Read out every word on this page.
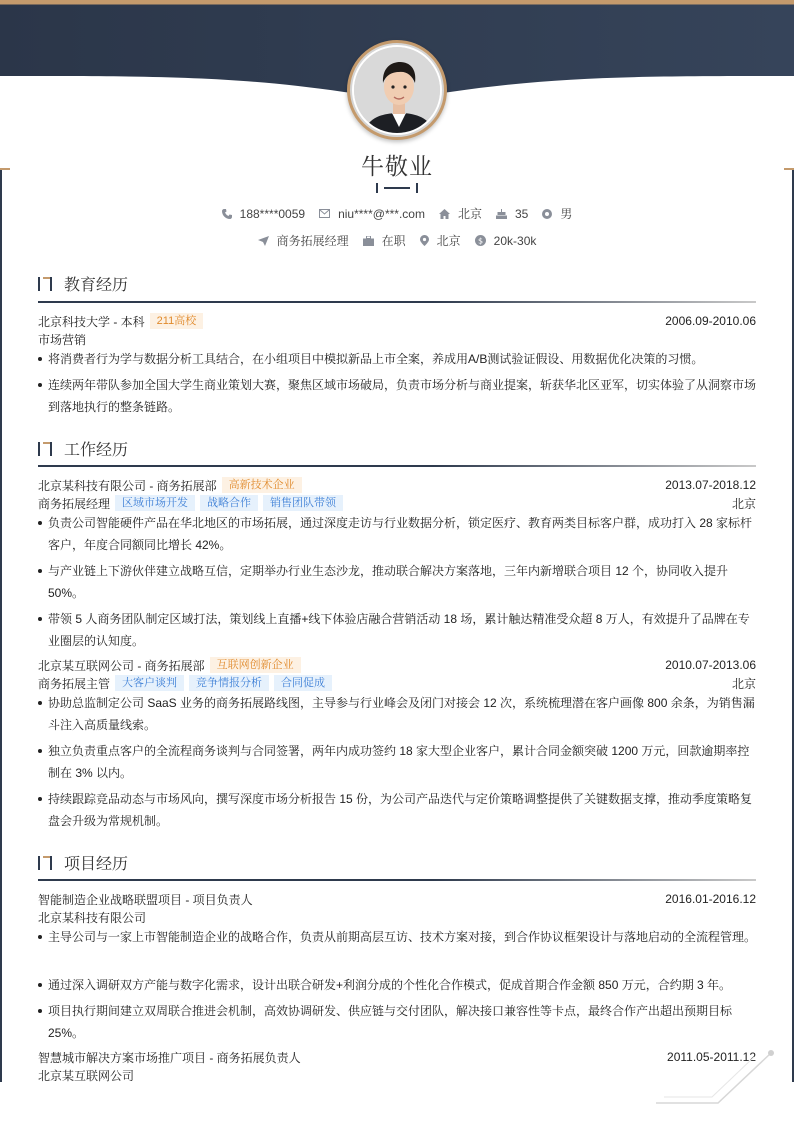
牛敬业
188****0059	niu****@***.com	北京	35	男
商务拓展经理	在职	北京 $ 20k-30k
教育经历
北京科技大学 - 本科	211高校	2006.09-2010.06
市场营销
将消费者行为学与数据分析工具结合，在小组项目中模拟新品上市全案，养成用A/B测试验证假设、用数据优化决策的习惯。
连续两年带队参加全国大学生商业策划大赛，聚焦区域市场破局，负责市场分析与商业提案，斩获华北区亚军，切实体验了从洞察市场到落地执行的整条链路。
工作经历
北京某科技有限公司 - 商务拓展部	高新技术企业	2013.07-2018.12
商务拓展经理	区域市场开发	战略合作	销售团队带领	北京
负责公司智能硬件产品在华北地区的市场拓展，通过深度走访与行业数据分析，锁定医疗、教育两类目标客户群，成功打入 28 家标杆客户，年度合同额同比增长 42%。
与产业链上下游伙伴建立战略互信，定期举办行业生态沙龙，推动联合解决方案落地，三年内新增联合项目 12 个，协同收入提升 50%。
带领 5 人商务团队制定区域打法，策划线上直播+线下体验店融合营销活动 18 场，累计触达精准受众超 8 万人，有效提升了品牌在专业圈层的认知度。
北京某互联网公司 - 商务拓展部	互联网创新企业	2010.07-2013.06
商务拓展主管	大客户谈判	竞争情报分析	合同促成	北京
协助总监制定公司 SaaS 业务的商务拓展路线图，主导参与行业峰会及闭门对接会 12 次，系统梳理潜在客户画像 800 余条，为销售漏斗注入高质量线索。
独立负责重点客户的全流程商务谈判与合同签署，两年内成功签约 18 家大型企业客户，累计合同金额突破 1200 万元，回款逾期率控制在 3% 以内。
持续跟踪竞品动态与市场风向，撰写深度市场分析报告 15 份，为公司产品迭代与定价策略调整提供了关键数据支撑，推动季度策略复盘会升级为常规机制。
项目经历
智能制造企业战略联盟项目 - 项目负责人	2016.01-2016.12
北京某科技有限公司
主导公司与一家上市智能制造企业的战略合作，负责从前期高层互访、技术方案对接，到合作协议框架设计与落地启动的全流程管理。
通过深入调研双方产能与数字化需求，设计出联合研发+利润分成的个性化合作模式，促成首期合作金额 850 万元，合约期 3 年。
项目执行期间建立双周联合推进会机制，高效协调研发、供应链与交付团队，解决接口兼容性等卡点，最终合作产出超出预期目标 25%。
智慧城市解决方案市场推广项目 - 商务拓展负责人	2011.05-2011.12
北京某互联网公司
